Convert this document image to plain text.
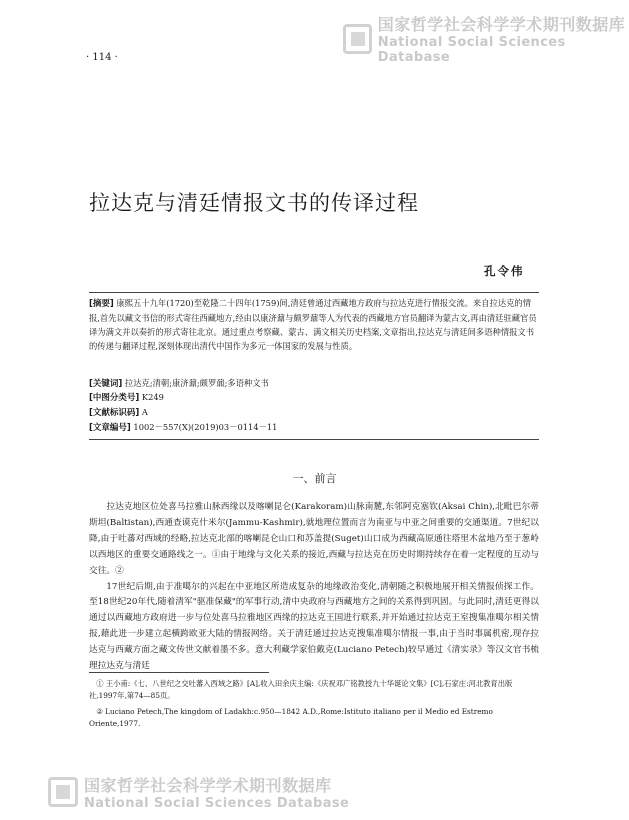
国家哲学社会科学学术期刊数据库
National Social Sciences Database
· 114 ·
拉达克与清廷情报文书的传译过程
孔令伟
[摘要] 康熙五十九年(1720)至乾隆二十四年(1759)间,清廷曾通过西藏地方政府与拉达克进行情报交流。来自拉达克的情报,首先以藏文书信的形式寄往西藏地方,经由以康济鼐与颇罗鼐等人为代表的西藏地方官员翻译为蒙古文,再由清廷驻藏官员译为满文并以奏折的形式寄往北京。通过重点考察藏、蒙古、满文相关历史档案,文章指出,拉达克与清廷间多语种情报文书的传递与翻译过程,深刻体现出清代中国作为多元一体国家的发展与性质。
[关键词] 拉达克;清朝;康济鼐;颇罗鼐;多语种文书
[中图分类号] K249
[文献标识码] A
[文章编号] 1002－557(X)(2019)03－0114－11
一、前言

拉达克地区位处喜马拉雅山脉西缘以及喀喇昆仑(Karakoram)山脉南麓,东邻阿克塞钦(Aksai Chin),北毗巴尔蒂斯坦(Baltistan),西通查谟克什米尔(Jammu-Kashmir),就地理位置而言为南亚与中亚之间重要的交通渠道。7世纪以降,由于吐蕃对西域的经略,拉达克北部的喀喇昆仑山口和苏盖提(Suget)山口成为西藏高原通往塔里木盆地乃至于葱岭以西地区的重要交通路线之一。①由于地缘与文化关系的接近,西藏与拉达克在历史时期持续存在着一定程度的互动与交往。②

17世纪后期,由于准噶尔的兴起在中亚地区所造成复杂的地缘政治变化,清朝随之积极地展开相关情报侦探工作。至18世纪20年代,随着清军"驱准保藏"的军事行动,清中央政府与西藏地方之间的关系得到巩固。与此同时,清廷更得以通过以西藏地方政府进一步与位处喜马拉雅地区西缘的拉达克王国进行联系,并开始通过拉达克王室搜集准噶尔相关情报,藉此进一步建立起横跨欧亚大陆的情报网络。关于清廷通过拉达克搜集准噶尔情报一事,由于当时事属机密,现存拉达克与西藏方面之藏文传世文献着墨不多。意大利藏学家伯戴克(Luciano Petech)较早通过《清实录》等汉文官书梳理拉达克与清廷

① 王小甫:《七、八世纪之交吐蕃入西域之路》[A],收入田余庆主编:《庆祝邓广铭教授九十华诞论文集》[C],石家庄:河北教育出版社,1997年,第74—85页。

② Luciano Petech,The kingdom of Ladakh:c.950—1842 A.D.,Rome:Istituto italiano per il Medio ed Estremo Oriente,1977.

国家哲学社会科学学术期刊数据库
National Social Sciences Database
